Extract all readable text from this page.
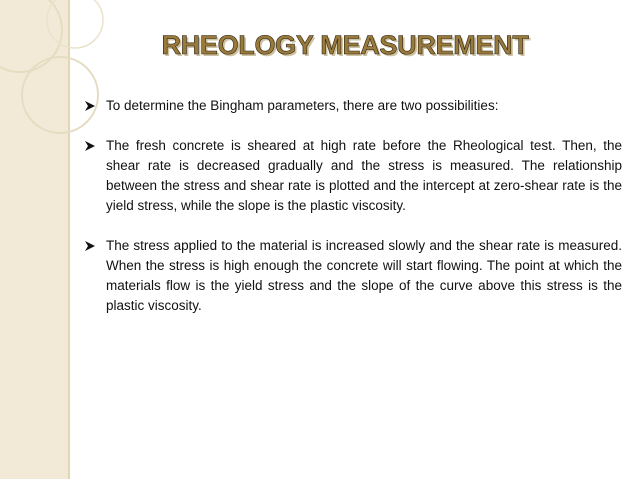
RHEOLOGY MEASUREMENT
To determine the Bingham parameters, there are two possibilities:
The fresh concrete is sheared at high rate before the Rheological test. Then, the shear rate is decreased gradually and the stress is measured. The relationship between the stress and shear rate is plotted and the intercept at zero-shear rate is the yield stress, while the slope is the plastic viscosity.
The stress applied to the material is increased slowly and the shear rate is measured. When the stress is high enough the concrete will start flowing. The point at which the materials flow is the yield stress and the slope of the curve above this stress is the plastic viscosity.
